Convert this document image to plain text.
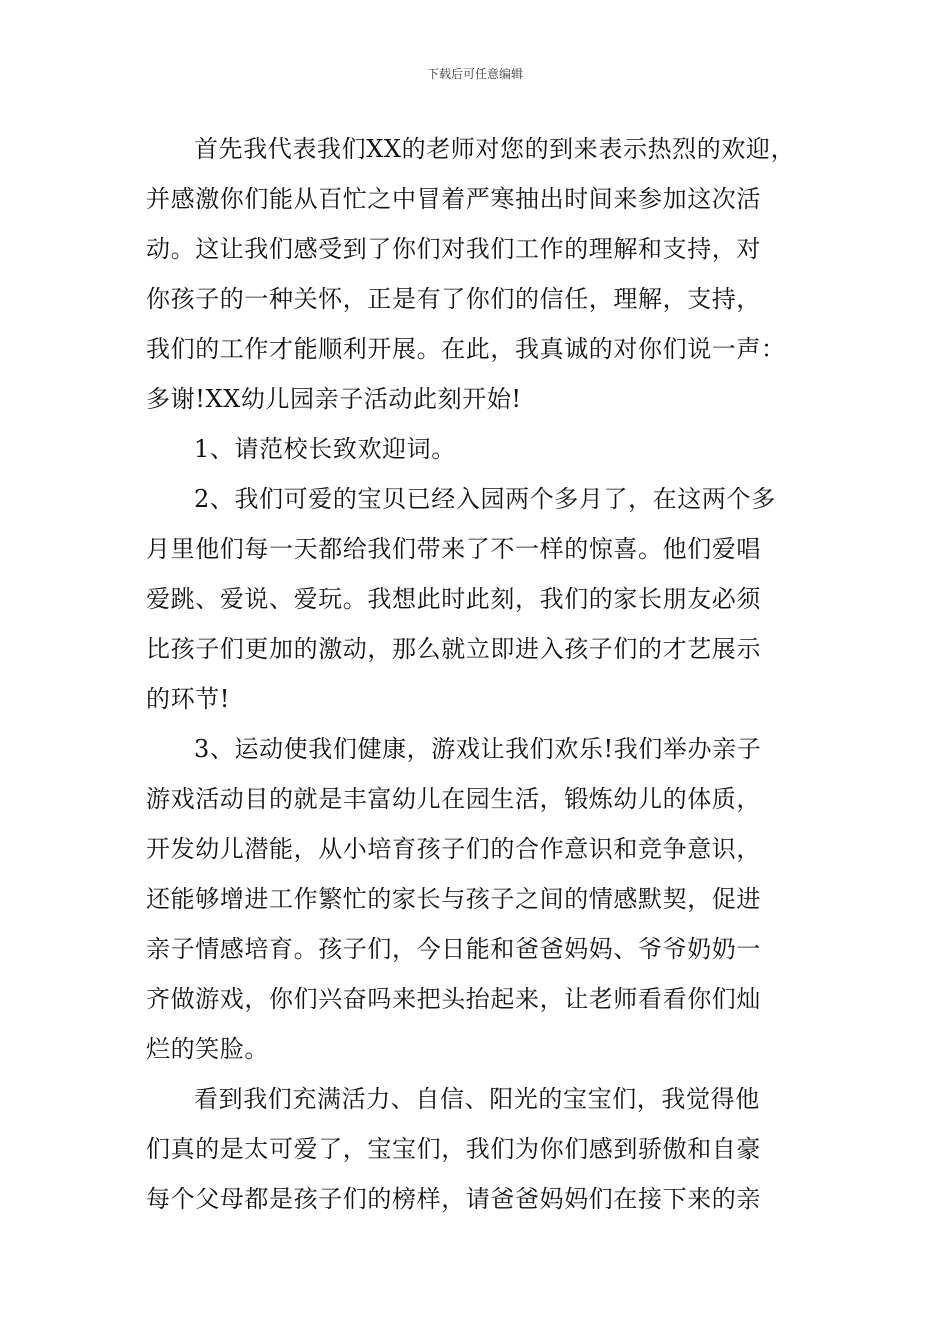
下载后可任意编辑
首先我代表我们XX的老师对您的到来表示热烈的欢迎，
并感激你们能从百忙之中冒着严寒抽出时间来参加这次活
动。这让我们感受到了你们对我们工作的理解和支持，对
你孩子的一种关怀，正是有了你们的信任，理解，支持，
我们的工作才能顺利开展。在此，我真诚的对你们说一声：
多谢!XX幼儿园亲子活动此刻开始!
1、请范校长致欢迎词。
2、我们可爱的宝贝已经入园两个多月了，在这两个多
月里他们每一天都给我们带来了不一样的惊喜。他们爱唱
爱跳、爱说、爱玩。我想此时此刻，我们的家长朋友必须
比孩子们更加的激动，那么就立即进入孩子们的才艺展示
的环节!
3、运动使我们健康，游戏让我们欢乐!我们举办亲子
游戏活动目的就是丰富幼儿在园生活，锻炼幼儿的体质，
开发幼儿潜能，从小培育孩子们的合作意识和竞争意识，
还能够增进工作繁忙的家长与孩子之间的情感默契，促进
亲子情感培育。孩子们，今日能和爸爸妈妈、爷爷奶奶一
齐做游戏，你们兴奋吗来把头抬起来，让老师看看你们灿
烂的笑脸。
看到我们充满活力、自信、阳光的宝宝们，我觉得他
们真的是太可爱了，宝宝们，我们为你们感到骄傲和自豪
每个父母都是孩子们的榜样，请爸爸妈妈们在接下来的亲
